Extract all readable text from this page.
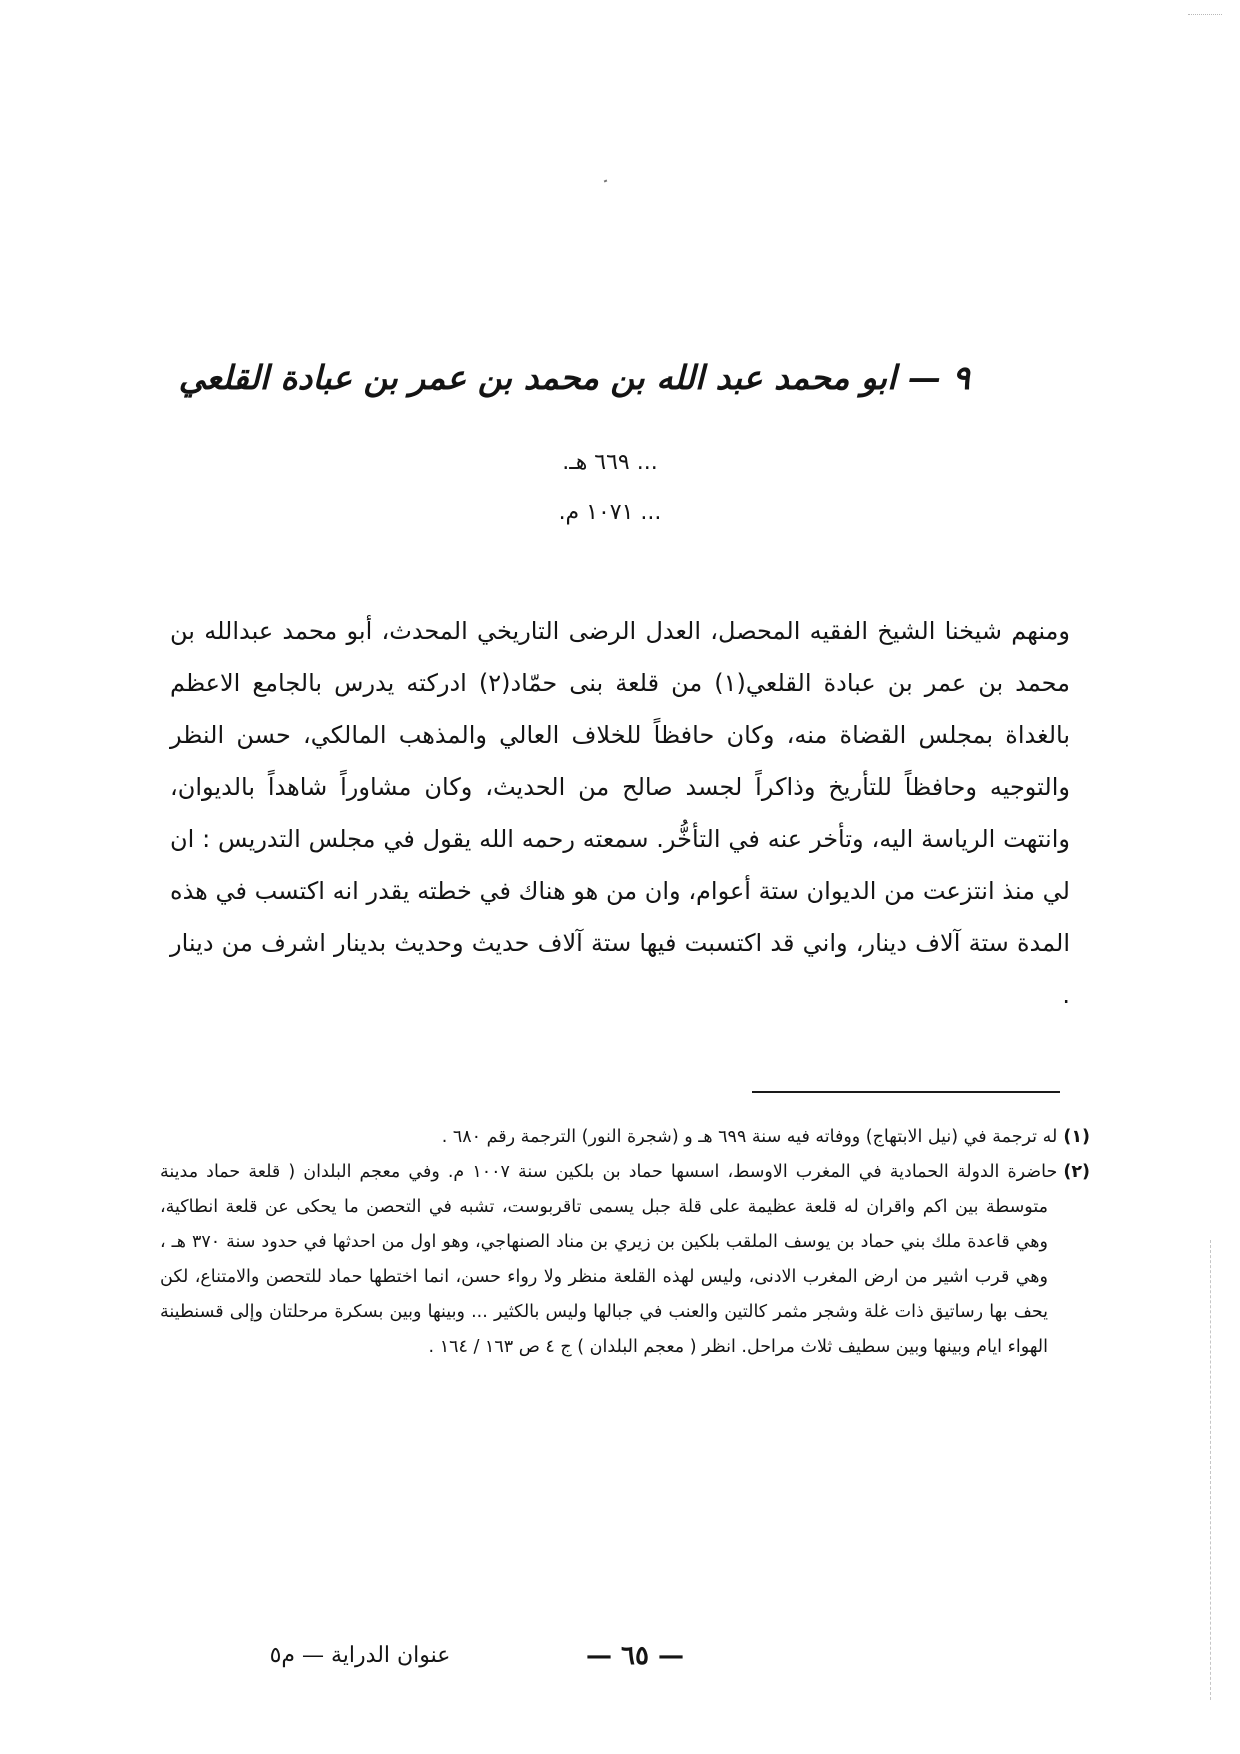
٩ — ابو محمد عبد الله بن محمد بن عمر بن عبادة القلعي
... ٦٦٩ هـ.
... ١٠٧١ م.

ومنهم شيخنا الشيخ الفقيه المحصل، العدل الرضى التاريخي المحدث، أبو محمد عبدالله بن محمد بن عمر بن عبادة القلعي(١) من قلعة بنى حمّاد(٢) ادركته يدرس بالجامع الاعظم بالغداة بمجلس القضاة منه، وكان حافظاً للخلاف العالي والمذهب المالكي، حسن النظر والتوجيه وحافظاً للتأريخ وذاكراً لجسد صالح من الحديث، وكان مشاوراً شاهداً بالديوان، وانتهت الرياسة اليه، وتأخر عنه في التأخُّر. سمعته رحمه الله يقول في مجلس التدريس : ان لي منذ انتزعت من الديوان ستة أعوام، وان من هو هناك في خطته يقدر انه اكتسب في هذه المدة ستة آلاف دينار، واني قد اكتسبت فيها ستة آلاف حديث وحديث بدينار اشرف من دينار .

(١)له ترجمة في (نيل الابتهاج) ووفاته فيه سنة ٦٩٩ هـ و (شجرة النور) الترجمة رقم ٦٨٠ .

(٢)حاضرة الدولة الحمادية في المغرب الاوسط، اسسها حماد بن بلكين سنة ١٠٠٧ م. وفي معجم البلدان ( قلعة حماد مدينة متوسطة بين اكم واقران له قلعة عظيمة على قلة جبل يسمى تاقربوست، تشبه في التحصن ما يحكى عن قلعة انطاكية، وهي قاعدة ملك بني حماد بن يوسف الملقب بلكين بن زيري بن مناد الصنهاجي، وهو اول من احدثها في حدود سنة ٣٧٠ هـ ، وهي قرب اشير من ارض المغرب الادنى، وليس لهذه القلعة منظر ولا رواء حسن، انما اختطها حماد للتحصن والامتناع، لكن يحف بها رساتيق ذات غلة وشجر مثمر كالتين والعنب في جبالها وليس بالكثير ... وبينها وبين بسكرة مرحلتان وإلى قسنطينة الهواء ايام وبينها وبين سطيف ثلاث مراحل. انظر ( معجم البلدان ) ج ٤ ص ١٦٣ / ١٦٤ .

— ٦٥ —
عنوان الدراية — م٥
